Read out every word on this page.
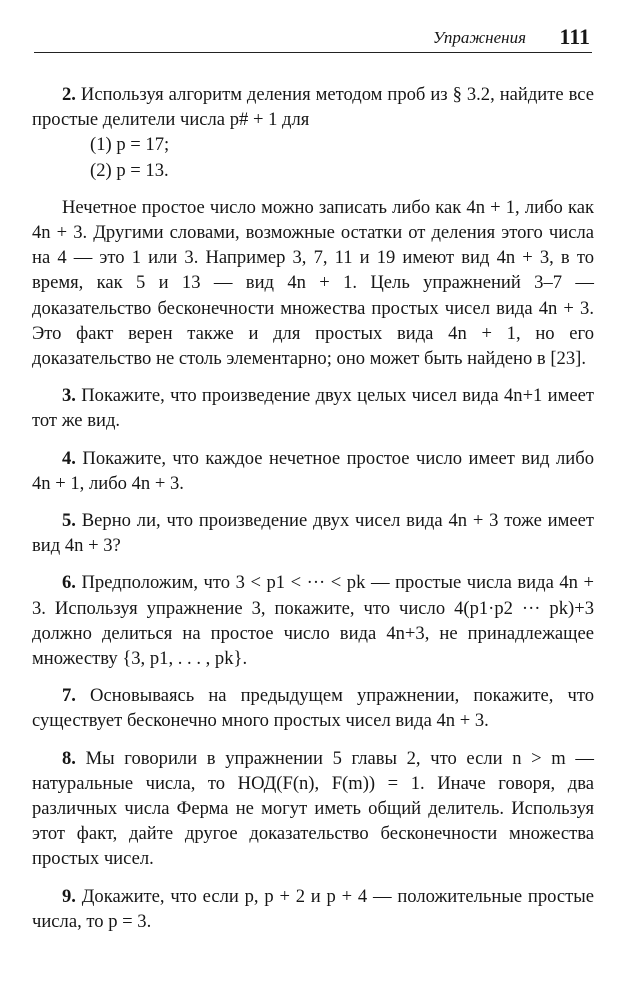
Упражнения 111

2. Используя алгоритм деления методом проб из § 3.2, найдите все простые делители числа p# + 1 для

(1) p = 17;

(2) p = 13.

Нечетное простое число можно записать либо как 4n + 1, либо как 4n + 3. Другими словами, возможные остатки от деления этого числа на 4 — это 1 или 3. Например 3, 7, 11 и 19 имеют вид 4n + 3, в то время, как 5 и 13 — вид 4n + 1. Цель упражнений 3–7 — доказательство бесконечности множества простых чисел вида 4n + 3. Это факт верен также и для простых вида 4n + 1, но его доказательство не столь элементарно; оно может быть найдено в [23].

3. Покажите, что произведение двух целых чисел вида 4n+1 имеет тот же вид.

4. Покажите, что каждое нечетное простое число имеет вид либо 4n + 1, либо 4n + 3.

5. Верно ли, что произведение двух чисел вида 4n + 3 тоже имеет вид 4n + 3?

6. Предположим, что 3 < p1 < ··· < pk — простые числа вида 4n + 3. Используя упражнение 3, покажите, что число 4(p1·p2 ··· pk)+3 должно делиться на простое число вида 4n+3, не принадлежащее множеству {3, p1, . . . , pk}.

7. Основываясь на предыдущем упражнении, покажите, что существует бесконечно много простых чисел вида 4n + 3.

8. Мы говорили в упражнении 5 главы 2, что если n > m — натуральные числа, то НОД(F(n), F(m)) = 1. Иначе говоря, два различных числа Ферма не могут иметь общий делитель. Используя этот факт, дайте другое доказательство бесконечности множества простых чисел.

9. Докажите, что если p, p + 2 и p + 4 — положительные простые числа, то p = 3.
